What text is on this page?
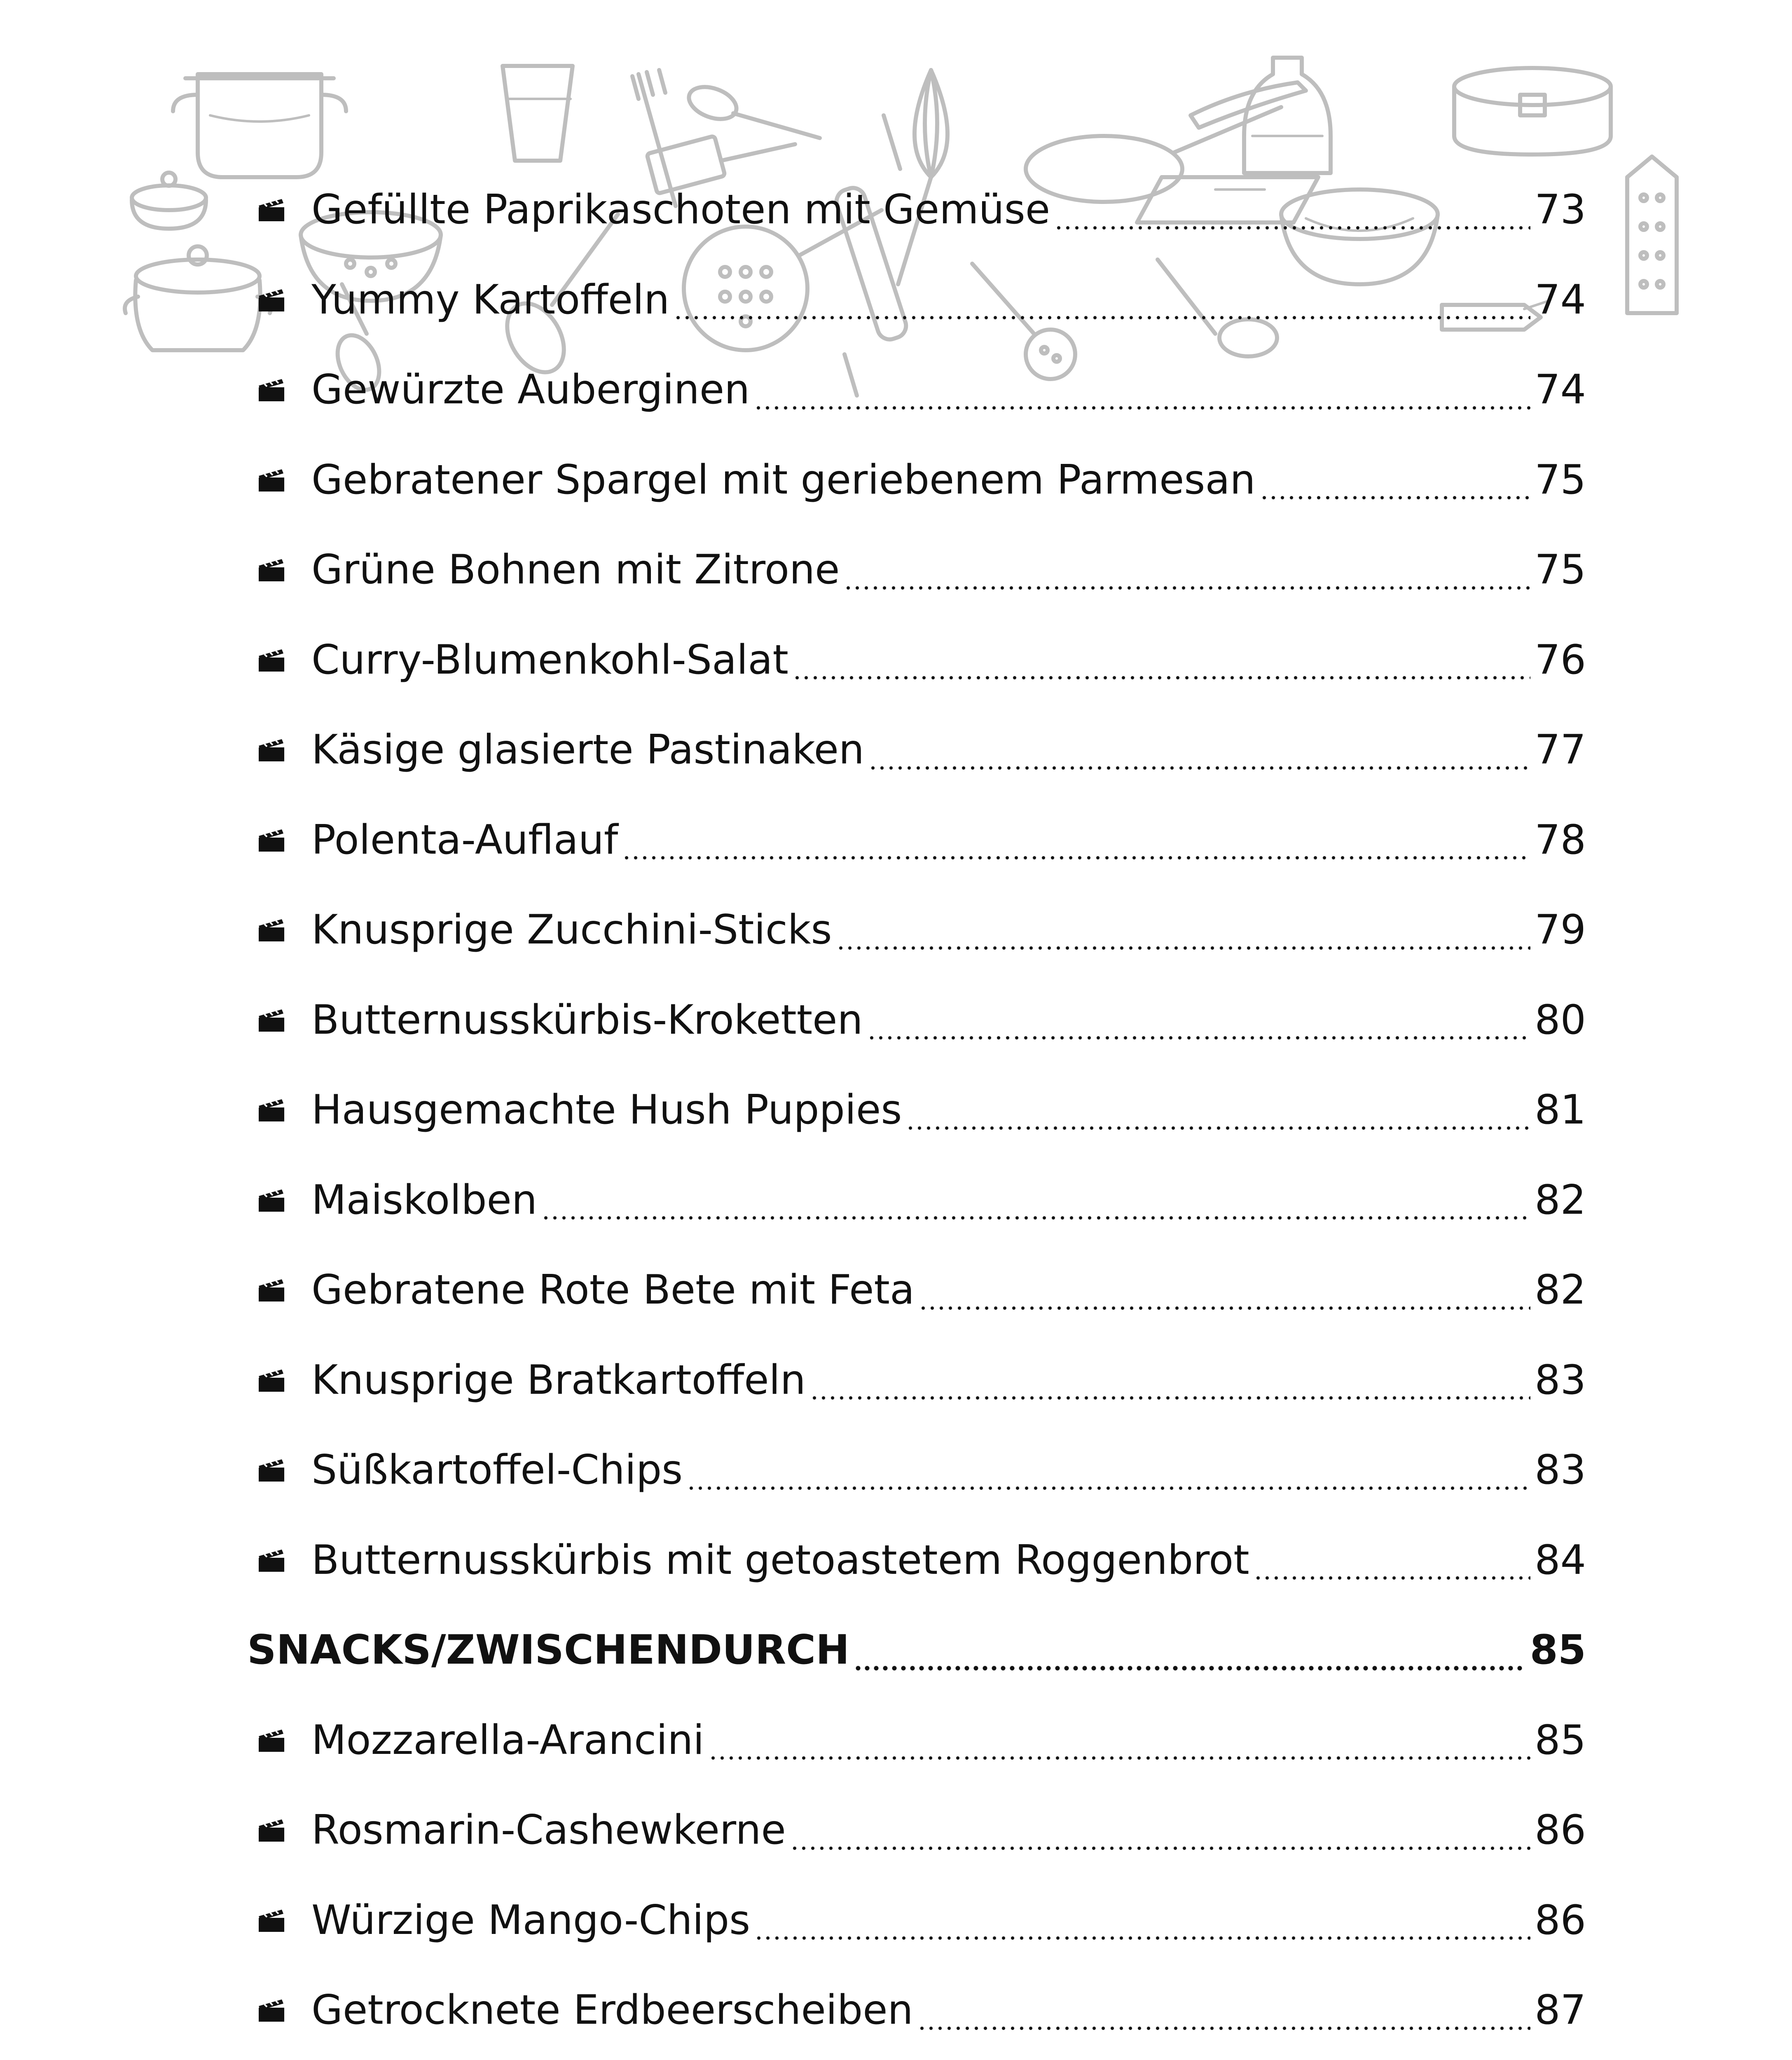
Gefüllte Paprikaschoten mit Gemüse	73
Yummy Kartoffeln	74
Gewürzte Auberginen	74
Gebratener Spargel mit geriebenem Parmesan	75
Grüne Bohnen mit Zitrone	75
Curry-Blumenkohl-Salat	76
Käsige glasierte Pastinaken	77
Polenta-Auflauf	78
Knusprige Zucchini-Sticks	79
Butternusskürbis-Kroketten	80
Hausgemachte Hush Puppies	81
Maiskolben	82
Gebratene Rote Bete mit Feta	82
Knusprige Bratkartoffeln	83
Süßkartoffel-Chips	83
Butternusskürbis mit getoastetem Roggenbrot	84
SNACKS/ZWISCHENDURCH	85
Mozzarella-Arancini	85
Rosmarin-Cashewkerne	86
Würzige Mango-Chips	86
Getrocknete Erdbeerscheiben	87
